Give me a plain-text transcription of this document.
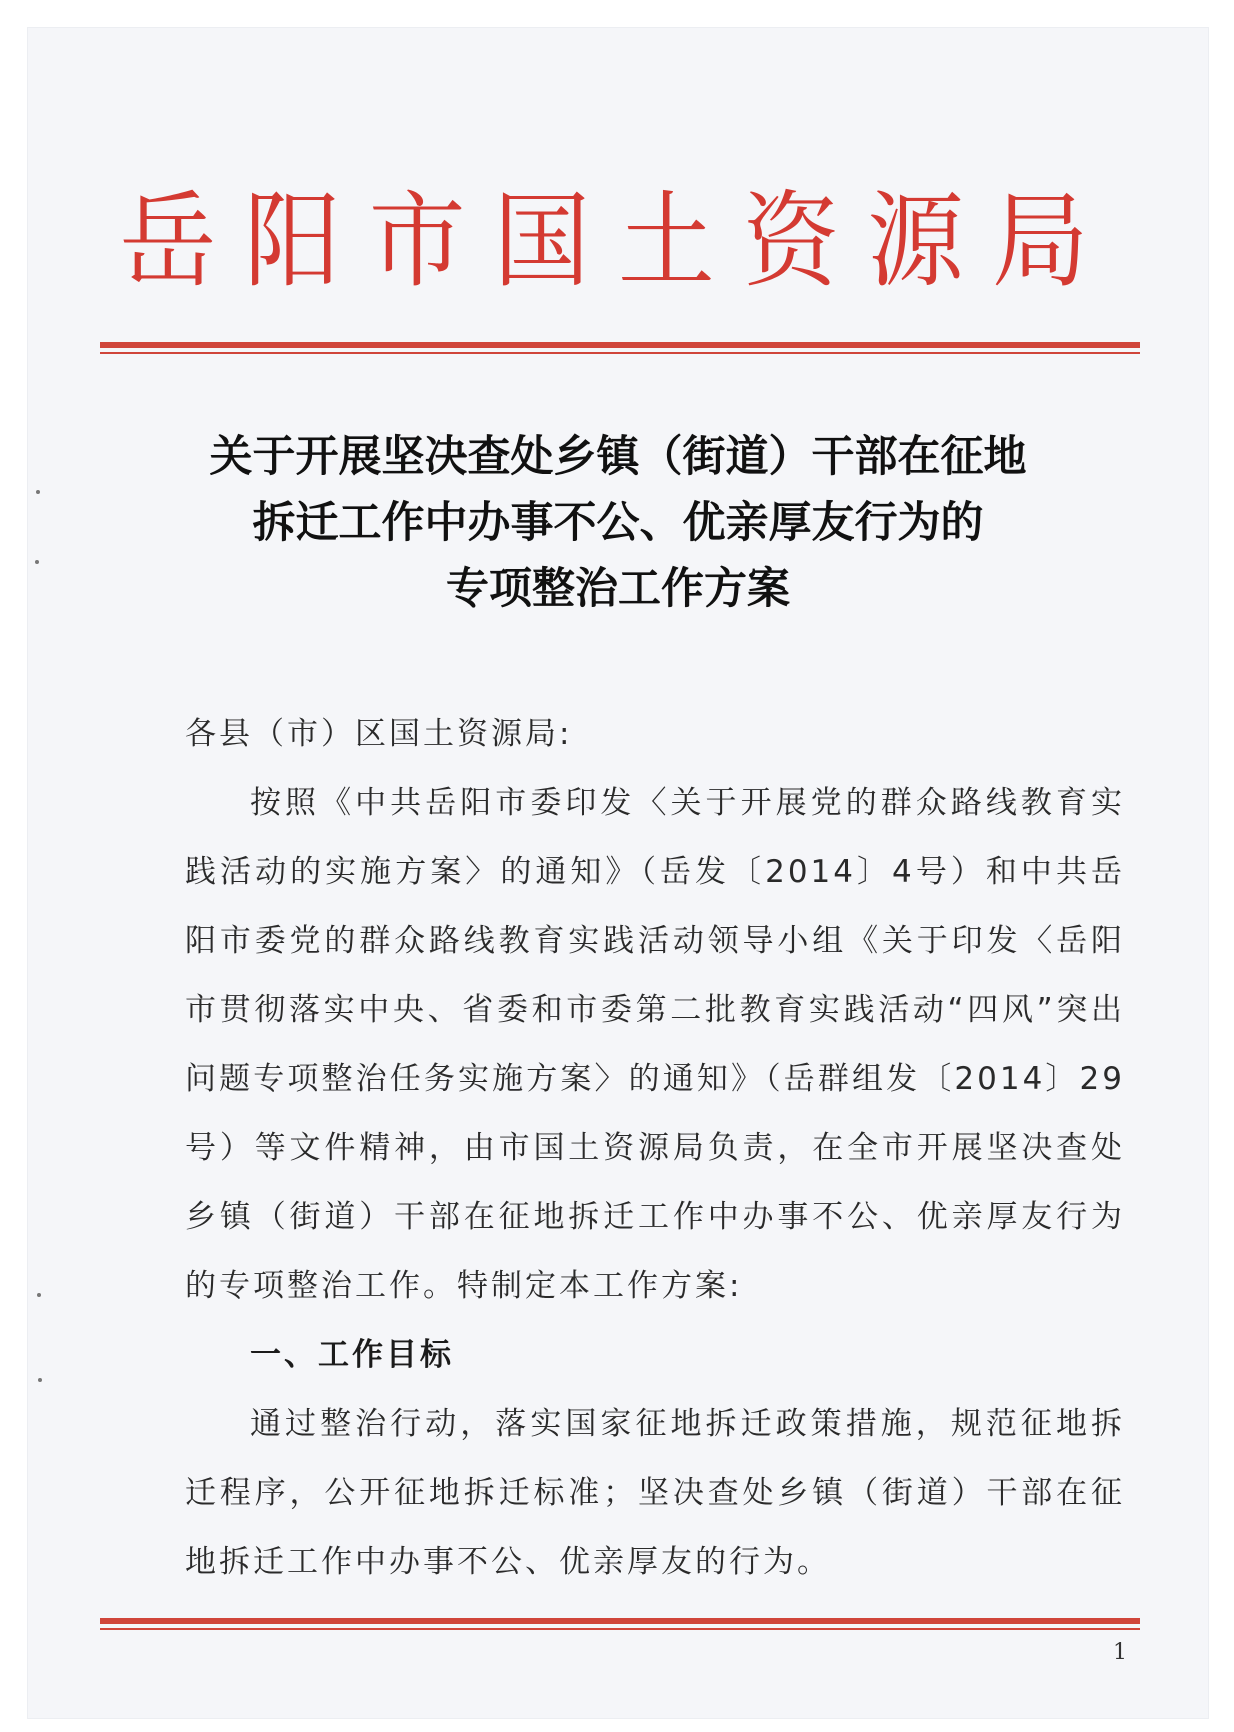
岳阳市国土资源局
关于开展坚决查处乡镇（街道）干部在征地
拆迁工作中办事不公、优亲厚友行为的
专项整治工作方案

各县（市）区国土资源局:

按照《中共岳阳市委印发〈关于开展党的群众路线教育实践活动的实施方案〉的通知》（岳发〔2014〕4号）和中共岳阳市委党的群众路线教育实践活动领导小组《关于印发〈岳阳市贯彻落实中央、省委和市委第二批教育实践活动“四风”突出问题专项整治任务实施方案〉的通知》（岳群组发〔2014〕29号）等文件精神，由市国土资源局负责，在全市开展坚决查处乡镇（街道）干部在征地拆迁工作中办事不公、优亲厚友行为的专项整治工作。特制定本工作方案:

一、工作目标

通过整治行动，落实国家征地拆迁政策措施，规范征地拆迁程序，公开征地拆迁标准；坚决查处乡镇（街道）干部在征地拆迁工作中办事不公、优亲厚友的行为。

1
